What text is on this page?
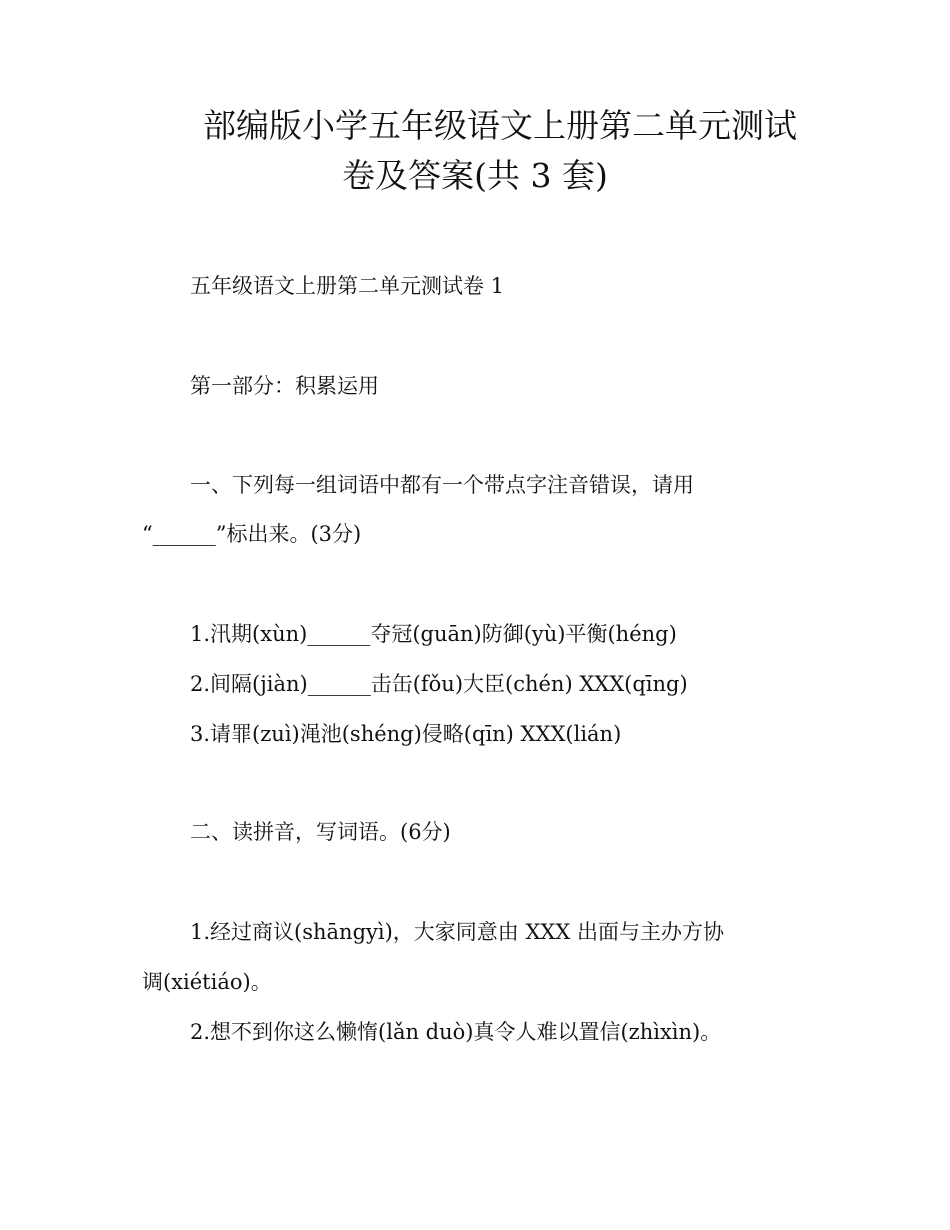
部编版小学五年级语文上册第二单元测试
卷及答案(共 3 套)
五年级语文上册第二单元测试卷 1
第一部分：积累运用
一、下列每一组词语中都有一个带点字注音错误，请用
“______”标出来。(3分)
1.汛期(xùn)______夺冠(guān)防御(yù)平衡(héng)
2.间隔(jiàn)______击缶(fǒu)大臣(chén) XXX(qīng)
3.请罪(zuì)渑池(shéng)侵略(qīn) XXX(lián)
二、读拼音，写词语。(6分)
1.经过商议(shāngyì)，大家同意由 XXX 出面与主办方协
调(xiétiáo)。
2.想不到你这么懒惰(lǎn duò)真令人难以置信(zhìxìn)。
